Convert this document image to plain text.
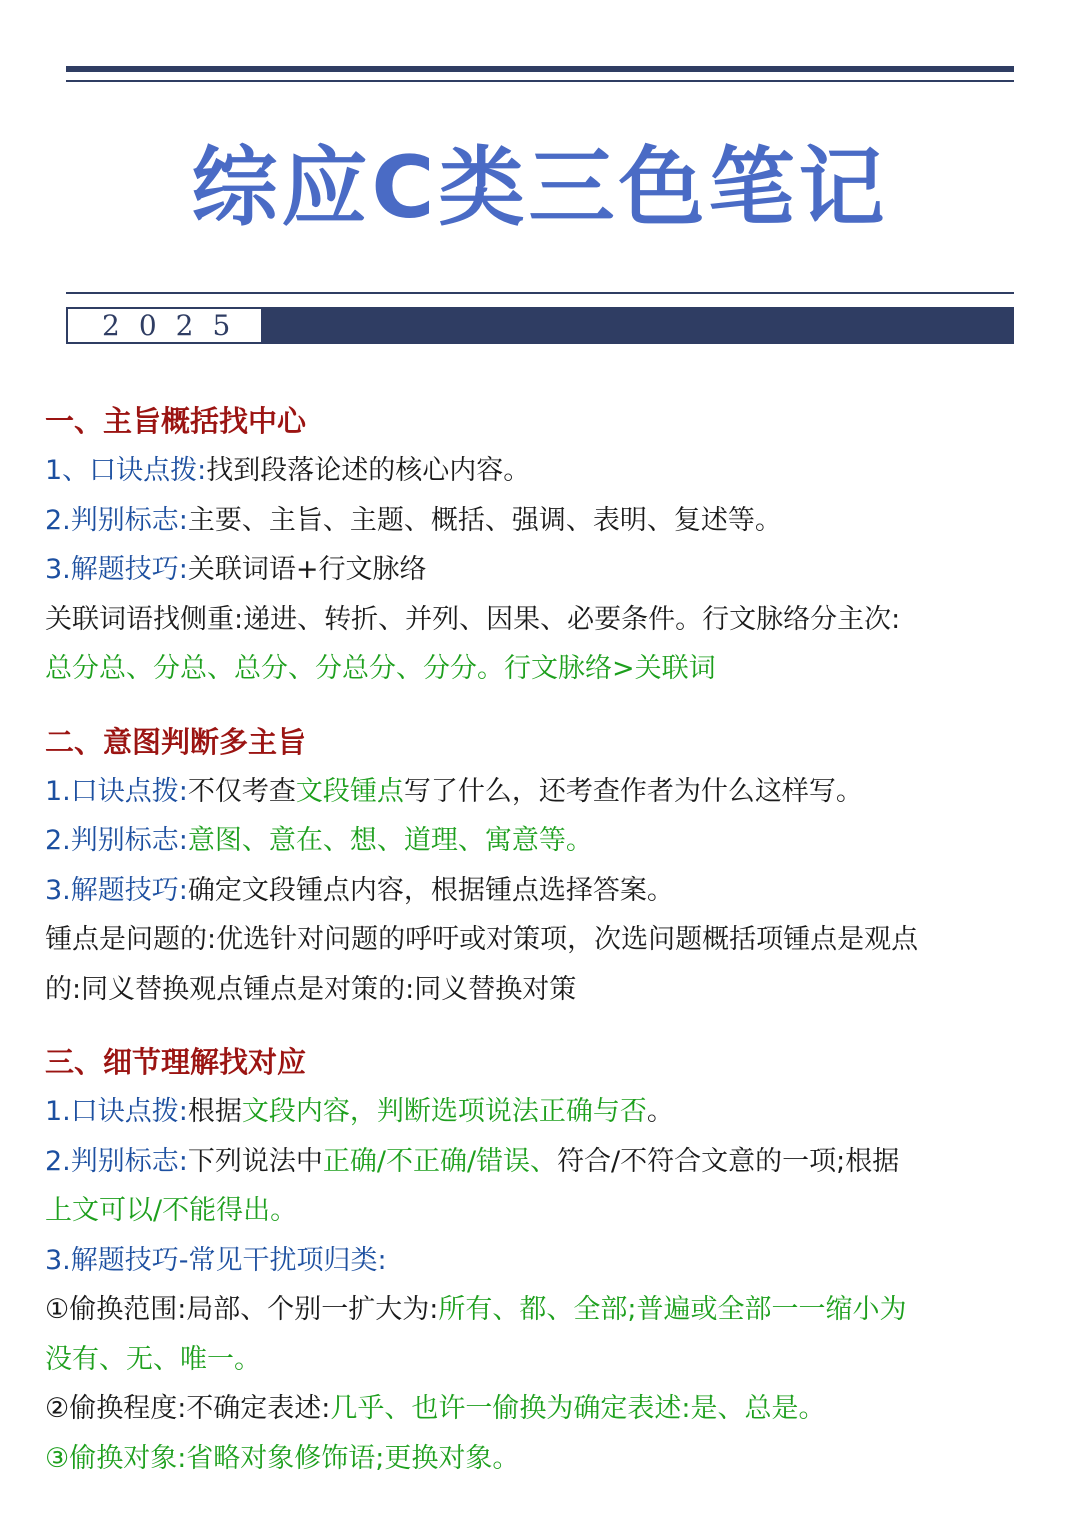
综应C类三色笔记
2025
一、主旨概括找中心
1、口诀点拨:找到段落论述的核心内容。
2.判别标志:主要、主旨、主题、概括、强调、表明、复述等。
3.解题技巧:关联词语+行文脉络
关联词语找侧重:递进、转折、并列、因果、必要条件。行文脉络分主次:
总分总、分总、总分、分总分、分分。行文脉络>关联词
二、意图判断多主旨
1.口诀点拨:不仅考查文段锺点写了什么，还考查作者为什么这样写。
2.判别标志:意图、意在、想、道理、寓意等。
3.解题技巧:确定文段锺点内容，根据锺点选择答案。
锺点是问题的:优选针对问题的呼吁或对策项，次选问题概括项锺点是观点
的:同义替换观点锺点是对策的:同义替换对策
三、细节理解找对应
1.口诀点拨:根据文段内容，判断选项说法正确与否。
2.判别标志:下列说法中正确/不正确/错误、符合/不符合文意的一项;根据
上文可以/不能得出。
3.解题技巧-常见干扰项归类:
①偷换范围:局部、个别一扩大为:所有、都、全部;普遍或全部一一缩小为
没有、无、唯一。
②偷换程度:不确定表述:几乎、也许一偷换为确定表述:是、总是。
③偷换对象:省略对象修饰语;更换对象。
